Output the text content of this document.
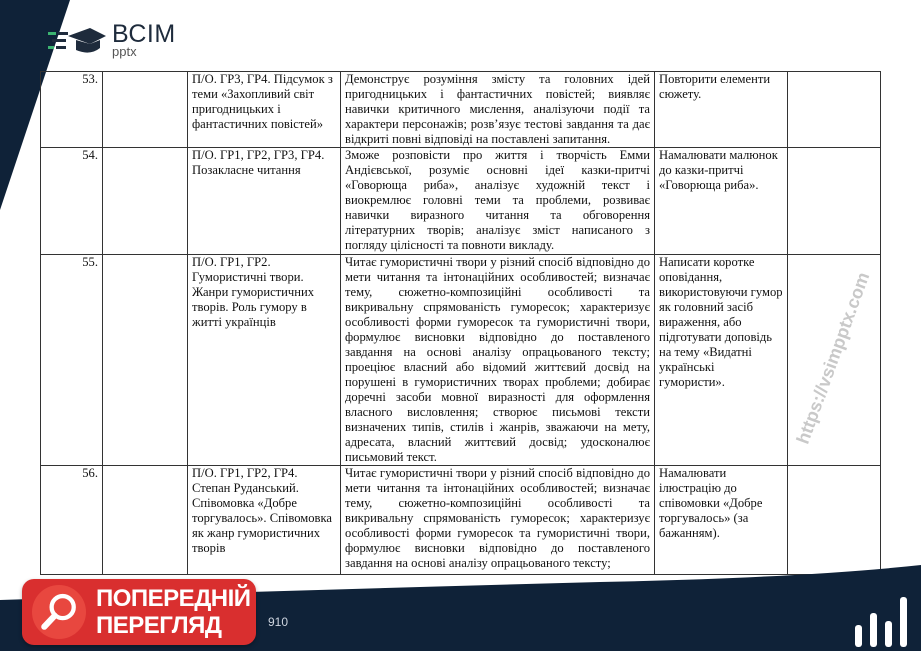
ВСІМ
pptx
53.		П/О. ГР3, ГР4. Підсумок з теми «Захопливий світ пригодницьких і фантастичних повістей»	Демонструє розуміння змісту та головних ідей пригодницьких і фантастичних повістей; виявляє навички критичного мислення, аналізуючи події та характери персонажів; розв’язує тестові завдання та дає відкриті повні відповіді на поставлені запитання.	Повторити елементи сюжету.	
54.		П/О. ГР1, ГР2, ГР3, ГР4. Позакласне читання	Зможе розповісти про життя і творчість Емми Андієвської, розуміє основні ідеї казки-притчі «Говорюща риба», аналізує художній текст і виокремлює головні теми та проблеми, розвиває навички виразного читання та обговорення літературних творів; аналізує зміст написаного з погляду цілісності та повноти викладу.	Намалювати малюнок до казки-притчі «Говорюща риба».	
55.		П/О. ГР1, ГР2. Гумористичні твори. Жанри гумористичних творів. Роль гумору в житті українців	Читає гумористичні твори у різний спосіб відповідно до мети читання та інтонаційних особливостей; визначає тему, сюжетно-композиційні особливості та викривальну спрямованість гуморесок; характеризує особливості форми гуморесок та гумористичні твори, формулює висновки відповідно до поставленого завдання на основі аналізу опрацьованого тексту; проеціює власний або відомий життєвий досвід на порушені в гумористичних творах проблеми; добирає доречні засоби мовної виразності для оформлення власного висловлення; створює письмові тексти визначених типів, стилів і жанрів, зважаючи на мету, адресата, власний життєвий досвід; удосконалює письмовий текст.	Написати коротке оповідання, використовуючи гумор як головний засіб вираження, або підготувати доповідь на тему «Видатні українські гумористи».	
56.		П/О. ГР1, ГР2, ГР4. Степан Руданський. Співомовка «Добре торгувалось». Співомовка як жанр гумористичних творів	Читає гумористичні твори у різний спосіб відповідно до мети читання та інтонаційних особливостей; визначає тему, сюжетно-композиційні особливості та викривальну спрямованість гуморесок; характеризує особливості форми гуморесок та гумористичні твори, формулює висновки відповідно до поставленого завдання на основі аналізу опрацьованого тексту;	Намалювати ілюстрацію до співомовки «Добре торгувалось» (за бажанням).	
https://vsimpptx.com
910
ПОПЕРЕДНІЙ
ПЕРЕГЛЯД
